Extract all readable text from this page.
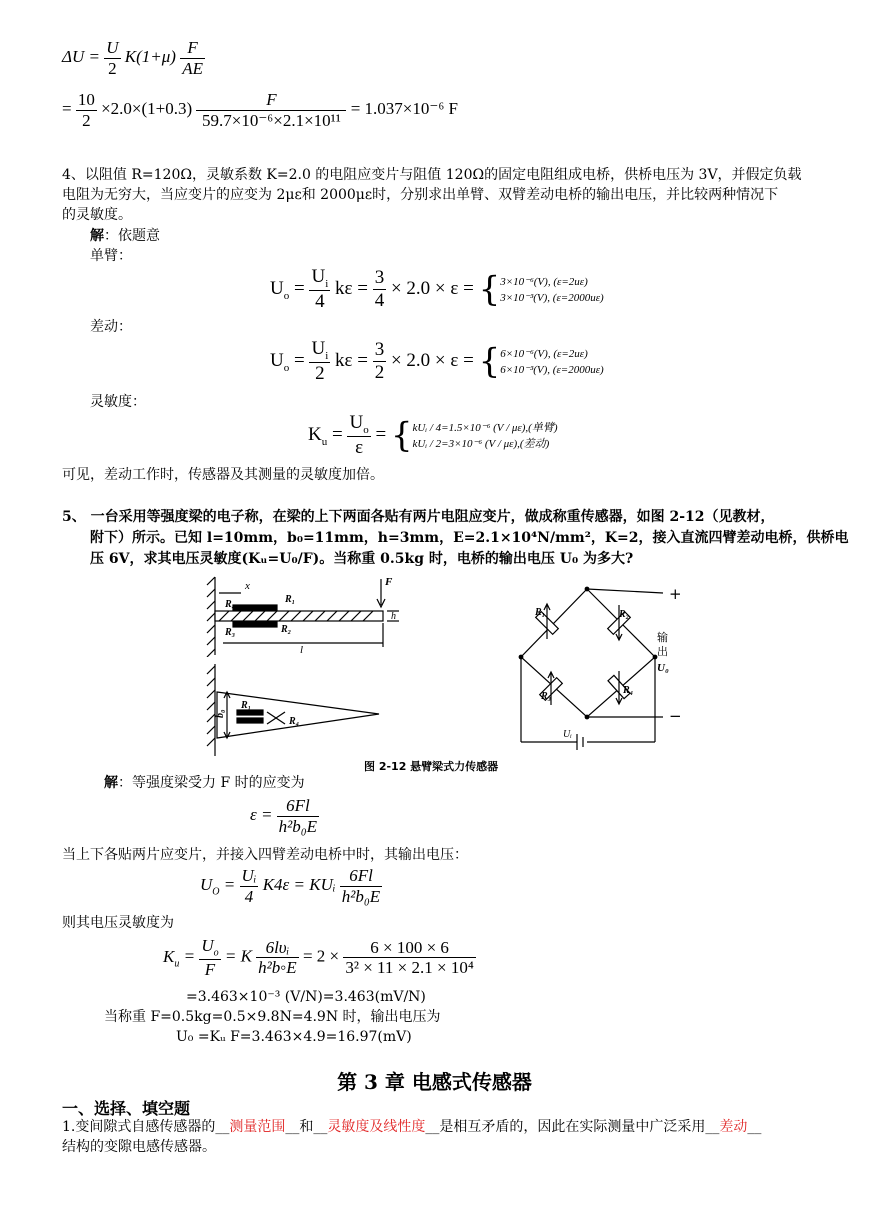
$\Delta U = \frac{U}{2} K(1+\mu) \frac{F}{AE}$
= $\frac{10}{2} \times 2.0\times(1+0.3) \frac{F}{\text{59.7×10⁻⁶×2.1×10¹¹}} = 1.037\times 10^{-6}$ F
4、以阻值 R=120Ω，灵敏系数 K=2.0 的电阻应变片与阻值 120Ω的固定电阻组成电桥，供桥电压为 3V，并假定负载
电阻为无穷大，当应变片的应变为 2με和 2000με时，分别求出单臂、双臂差动电桥的输出电压，并比较两种情况下
的灵敏度。
解：依题意
单臂：
$U_o = \frac{U_i}{4}$ $k\varepsilon = \frac{3}{4} \times 2.0 \times \varepsilon$ = { 3×10⁻⁶(V), (ε=2uε)
3×10⁻³(V), (ε=2000uε)
差动：
$U_o = \frac{U_i}{2}$ $k\varepsilon = \frac{3}{2} \times 2.0 \times \varepsilon$ = { 6×10⁻⁶(V), (ε=2uε)
6×10⁻³(V), (ε=2000uε)
灵敏度：
$K_u = \frac{U_o}{\varepsilon}$ = { kUᵢ / 4=1.5×10⁻⁶ (V / με),(单臂)
kUᵢ / 2=3×10⁻⁶ (V / με),(差动)
可见，差动工作时，传感器及其测量的灵敏度加倍。
5、 一台采用等强度梁的电子称，在梁的上下两面各贴有两片电阻应变片，做成称重传感器，如图 2-12（见教材，
附下）所示。已知 l=10mm，b₀=11mm，h=3mm，E=2.1×10⁴N/mm²，K=2，接入直流四臂差动电桥，供桥电
压 6V，求其电压灵敏度(Kᵤ=U₀/F)。当称重 0.5kg 时，电桥的输出电压 U₀ 为多大?
x	F
h
l
R₄	R₁
R₃	R₂
b₀
R₁
R₄
+
−
输
出
U₀
R₁	R₂
R₃
R₄
Uᵢ
图 2-12 悬臂梁式力传感器
解：等强度梁受力 F 时的应变为
$\varepsilon = \frac{6Fl}{\text{h²b₀E}}$
当上下各贴两片应变片，并接入四臂差动电桥中时，其输出电压：
$U_O = \frac{\text{Uᵢ}}{4} K4\varepsilon$ = KUᵢ $\frac{6Fl}{\text{h²b₀E}}$
则其电压灵敏度为
$K_u = \frac{U_o}{F} = K \frac{\text{6lυᵢ}}{\text{h²b◦E}} = 2 \times \frac{6 \times 100 \times 6}{\text{3² × 11 × 2.1 × 10⁴}}$
=3.463×10⁻³ (V/N)=3.463(mV/N)
当称重 F=0.5kg=0.5×9.8N=4.9N 时，输出电压为
U₀ =Kᵤ F=3.463×4.9=16.97(mV)
第 3 章 电感式传感器
一、选择、填空题
1.变间隙式自感传感器的__测量范围__和__灵敏度及线性度__是相互矛盾的，因此在实际测量中广泛采用__差动__
结构的变隙电感传感器。
